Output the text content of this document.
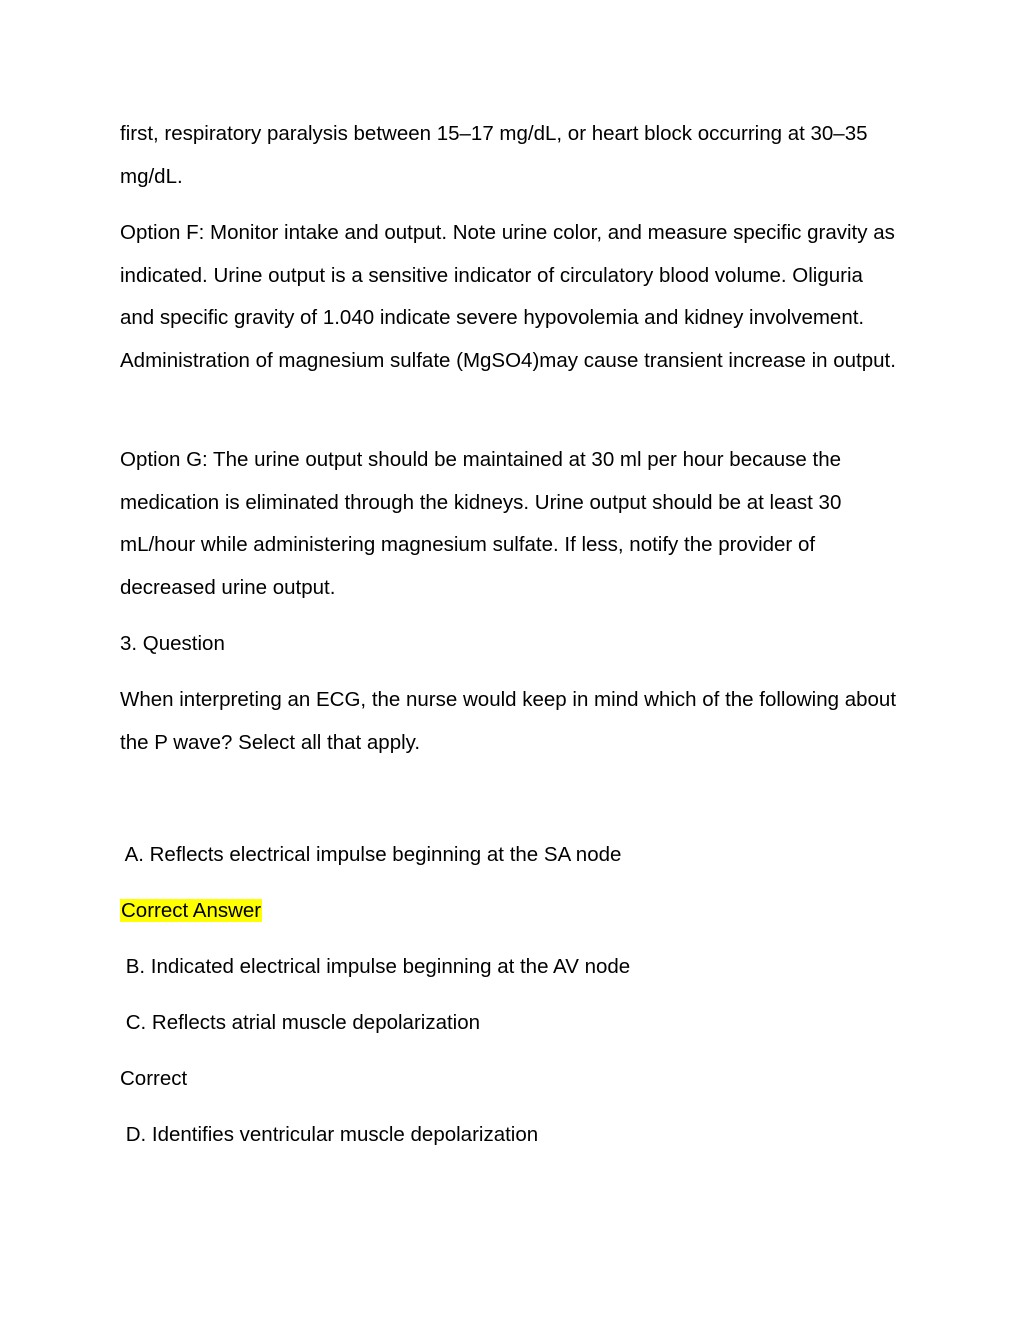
first, respiratory paralysis between 15–17 mg/dL, or heart block occurring at 30–35 mg/dL.

Option F: Monitor intake and output. Note urine color, and measure specific gravity as indicated. Urine output is a sensitive indicator of circulatory blood volume. Oliguria and specific gravity of 1.040 indicate severe hypovolemia and kidney involvement. Administration of magnesium sulfate (MgSO4)may cause transient increase in output.

Option G: The urine output should be maintained at 30 ml per hour because the medication is eliminated through the kidneys. Urine output should be at least 30 mL/hour while administering magnesium sulfate. If less, notify the provider of decreased urine output.

3. Question

When interpreting an ECG, the nurse would keep in mind which of the following about the P wave? Select all that apply.

A. Reflects electrical impulse beginning at the SA node

Correct Answer

B. Indicated electrical impulse beginning at the AV node

C. Reflects atrial muscle depolarization

Correct

D. Identifies ventricular muscle depolarization
